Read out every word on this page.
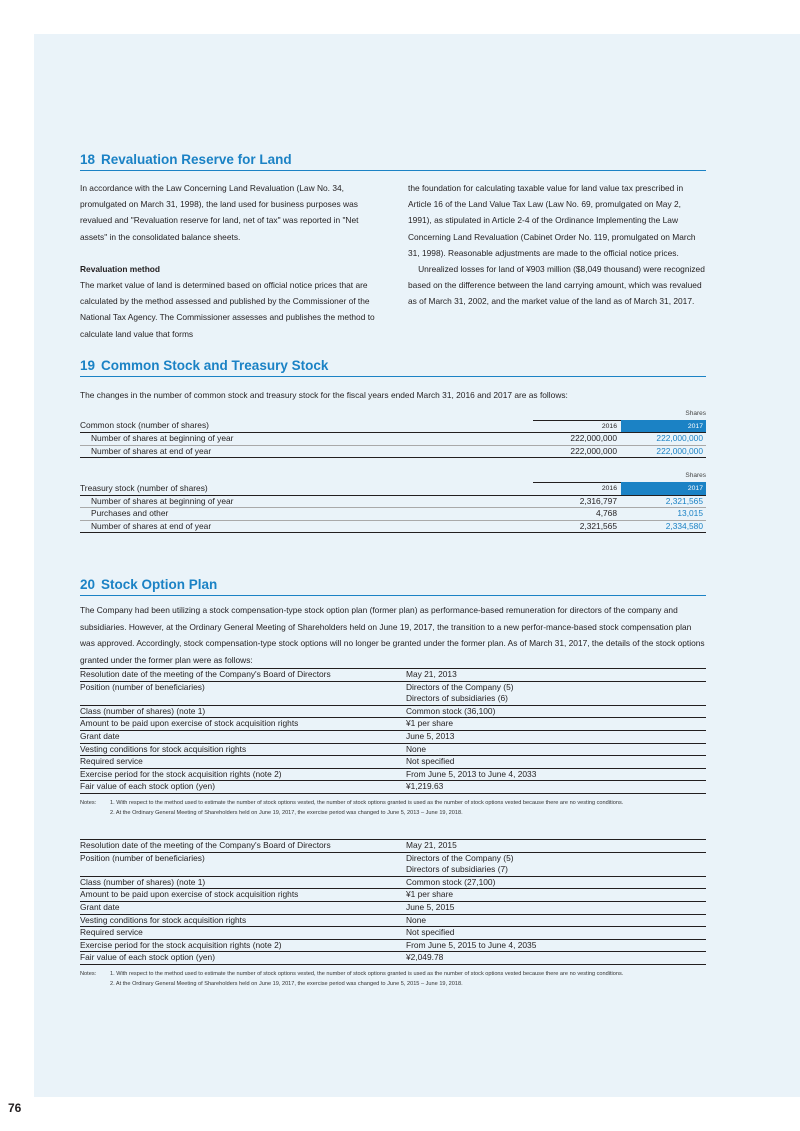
76
18 Revaluation Reserve for Land

In accordance with the Law Concerning Land Revaluation (Law No. 34, promulgated on March 31, 1998), the land used for business purposes was revalued and "Revaluation reserve for land, net of tax" was reported in "Net assets" in the consolidated balance sheets.

Revaluation method

The market value of land is determined based on official notice prices that are calculated by the method assessed and published by the Commissioner of the National Tax Agency. The Commissioner assesses and publishes the method to calculate land value that forms

the foundation for calculating taxable value for land value tax prescribed in Article 16 of the Land Value Tax Law (Law No. 69, promulgated on May 2, 1991), as stipulated in Article 2-4 of the Ordinance Implementing the Law Concerning Land Revaluation (Cabinet Order No. 119, promulgated on March 31, 1998). Reasonable adjustments are made to the official notice prices.

Unrealized losses for land of ¥903 million ($8,049 thousand) were recognized based on the difference between the land carrying amount, which was revalued as of March 31, 2002, and the market value of the land as of March 31, 2017.

19 Common Stock and Treasury Stock

The changes in the number of common stock and treasury stock for the fiscal years ended March 31, 2016 and 2017 are as follows:

Shares
Common stock (number of shares)	2016	2017
Number of shares at beginning of year	222,000,000	222,000,000
Number of shares at end of year	222,000,000	222,000,000
Shares
Treasury stock (number of shares)	2016	2017
Number of shares at beginning of year	2,316,797	2,321,565
Purchases and other	4,768	13,015
Number of shares at end of year	2,321,565	2,334,580
20 Stock Option Plan

The Company had been utilizing a stock compensation-type stock option plan (former plan) as performance-based remuneration for directors of the company and subsidiaries. However, at the Ordinary General Meeting of Shareholders held on June 19, 2017, the transition to a new perfor-mance-based stock compensation plan was approved. Accordingly, stock compensation-type stock options will no longer be granted under the former plan. As of March 31, 2017, the details of the stock options granted under the former plan were as follows:

Resolution date of the meeting of the Company's Board of Directors	May 21, 2013
Position (number of beneficiaries)	Directors of the Company (5)
Directors of subsidiaries (6)

Class (number of shares) (note 1)	Common stock (36,100)
Amount to be paid upon exercise of stock acquisition rights	¥1 per share
Grant date	June 5, 2013
Vesting conditions for stock acquisition rights	None
Required service	Not specified
Exercise period for the stock acquisition rights (note 2)	From June 5, 2013 to June 4, 2033
Fair value of each stock option (yen)	¥1,219.63
Notes:	1. With respect to the method used to estimate the number of stock options vested, the number of stock options granted is used as the number of stock options vested because there are no vesting conditions.
2. At the Ordinary General Meeting of Shareholders held on June 19, 2017, the exercise period was changed to June 5, 2013 – June 19, 2018.
Resolution date of the meeting of the Company's Board of Directors	May 21, 2015
Position (number of beneficiaries)	Directors of the Company (5)
Directors of subsidiaries (7)

Class (number of shares) (note 1)	Common stock (27,100)
Amount to be paid upon exercise of stock acquisition rights	¥1 per share
Grant date	June 5, 2015
Vesting conditions for stock acquisition rights	None
Required service	Not specified
Exercise period for the stock acquisition rights (note 2)	From June 5, 2015 to June 4, 2035
Fair value of each stock option (yen)	¥2,049.78
Notes:	1. With respect to the method used to estimate the number of stock options vested, the number of stock options granted is used as the number of stock options vested because there are no vesting conditions.
2. At the Ordinary General Meeting of Shareholders held on June 19, 2017, the exercise period was changed to June 5, 2015 – June 19, 2018.
